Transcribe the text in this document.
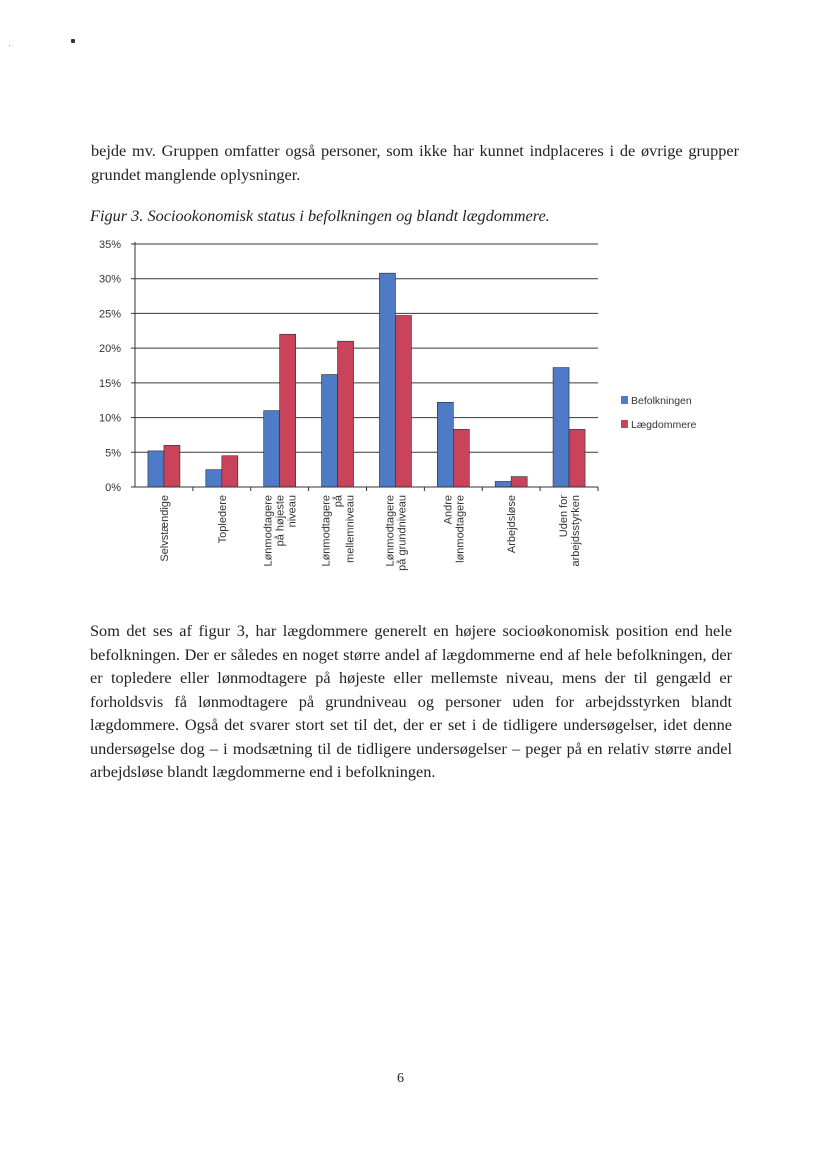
bejde mv. Gruppen omfatter også personer, som ikke har kunnet indplaceres i de øvrige grupper grundet manglende oplysninger.

Figur 3. Sociookonomisk status i befolkningen og blandt lægdommere.
0%
5%
10%
15%
20%
25%
30%
35%
Selvstændige	Topledere	Lønmodtagere på højeste niveau Lønmodtagere på mellemniveau	Lønmodtagere på grundniveau	Andre lønmodtagere	Arbejdsløse	Uden for arbejdsstyrken
Befolkningen
Lægdommere

Som det ses af figur 3, har lægdommere generelt en højere socioøkonomisk position end hele befolkningen. Der er således en noget større andel af lægdommerne end af hele befolkningen, der er topledere eller lønmodtagere på højeste eller mellemste niveau, mens der til gengæld er forholdsvis få lønmodtagere på grundniveau og personer uden for arbejdsstyrken blandt lægdommere. Også det svarer stort set til det, der er set i de tidligere undersøgelser, idet denne undersøgelse dog – i modsætning til de tidligere undersøgelser – peger på en relativ større andel arbejdsløse blandt lægdommerne end i befolkningen.

6
